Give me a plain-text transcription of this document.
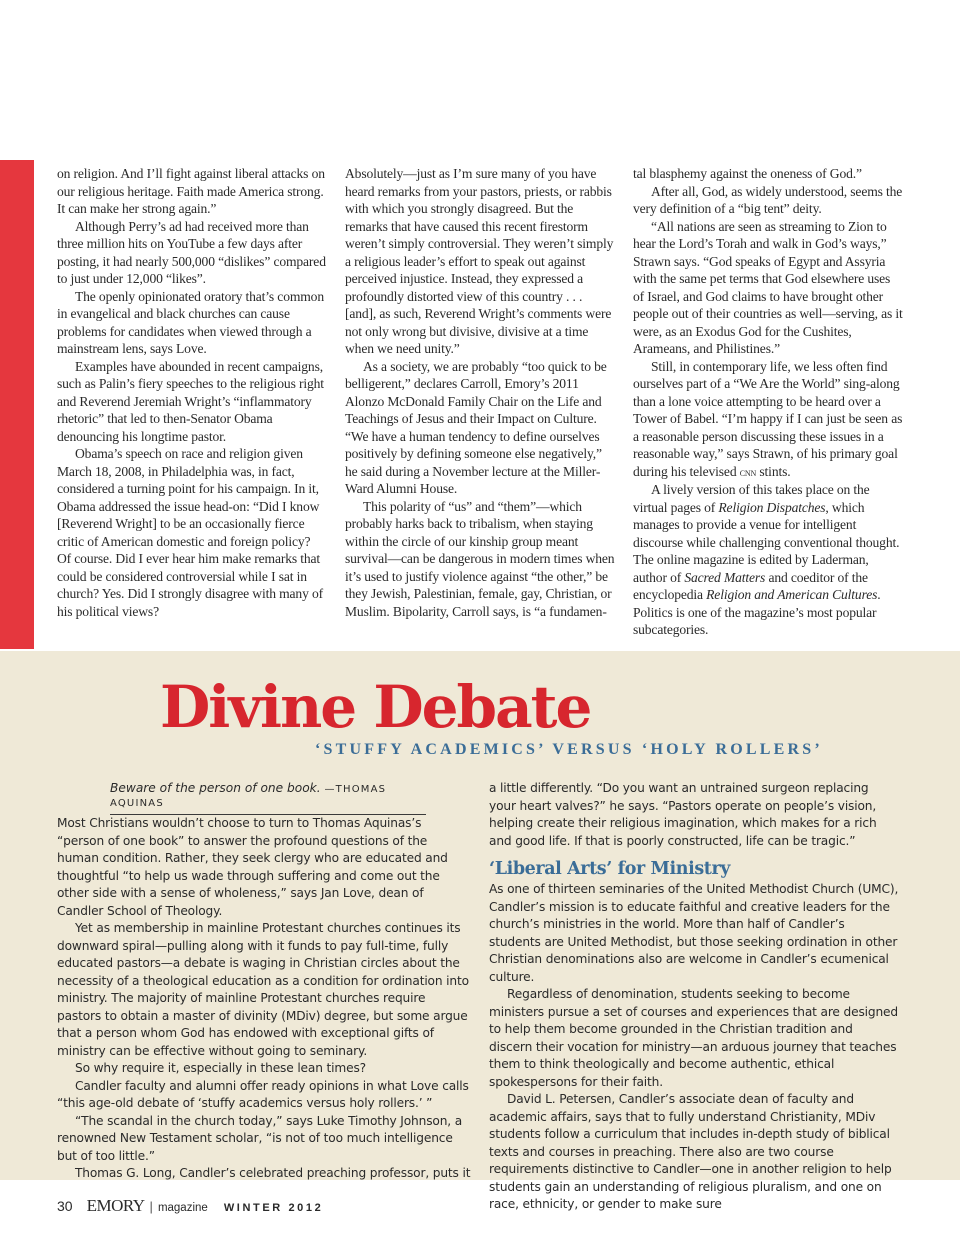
on religion. And I’ll fight against liberal attacks on our religious heritage. Faith made America strong. It can make her strong again.”

Although Perry’s ad had received more than three million hits on YouTube a few days after posting, it had nearly 500,000 “dislikes” compared to just under 12,000 “likes”.

The openly opinionated oratory that’s common in evangelical and black churches can cause problems for candidates when viewed through a mainstream lens, says Love.

Examples have abounded in recent campaigns, such as Palin’s fiery speeches to the religious right and Reverend Jeremiah Wright’s “inflammatory rhetoric” that led to then-Senator Obama denouncing his longtime pastor.

Obama’s speech on race and religion given March 18, 2008, in Philadelphia was, in fact, considered a turning point for his campaign. In it, Obama addressed the issue head-on: “Did I know [Reverend Wright] to be an occasionally fierce critic of American domestic and foreign policy? Of course. Did I ever hear him make remarks that could be considered controversial while I sat in church? Yes. Did I strongly disagree with many of his political views?

Absolutely—just as I’m sure many of you have heard remarks from your pastors, priests, or rabbis with which you strongly disagreed. But the remarks that have caused this recent firestorm weren’t simply controversial. They weren’t simply a religious leader’s effort to speak out against perceived injustice. Instead, they expressed a profoundly distorted view of this country . . . [and], as such, Reverend Wright’s comments were not only wrong but divisive, divisive at a time when we need unity.”

As a society, we are probably “too quick to be belligerent,” declares Carroll, Emory’s 2011 Alonzo McDonald Family Chair on the Life and Teachings of Jesus and their Impact on Culture. “We have a human tendency to define ourselves positively by defining someone else negatively,” he said during a November lecture at the Miller-Ward Alumni House.

This polarity of “us” and “them”—which probably harks back to tribalism, when staying within the circle of our kinship group meant survival—can be dangerous in modern times when it’s used to justify violence against “the other,” be they Jewish, Palestinian, female, gay, Christian, or Muslim. Bipolarity, Carroll says, is “a fundamen-

tal blasphemy against the oneness of God.”

After all, God, as widely understood, seems the very definition of a “big tent” deity.

“All nations are seen as streaming to Zion to hear the Lord’s Torah and walk in God’s ways,” Strawn says. “God speaks of Egypt and Assyria with the same pet terms that God elsewhere uses of Israel, and God claims to have brought other people out of their countries as well—serving, as it were, as an Exodus God for the Cushites, Arameans, and Philistines.”

Still, in contemporary life, we less often find ourselves part of a “We Are the World” sing-along than a lone voice attempting to be heard over a Tower of Babel. “I’m happy if I can just be seen as a reasonable person discussing these issues in a reasonable way,” says Strawn, of his primary goal during his televised cnn stints.

A lively version of this takes place on the virtual pages of Religion Dispatches, which manages to provide a venue for intelligent discourse while challenging conventional thought. The online magazine is edited by Laderman, author of Sacred Matters and coeditor of the encyclopedia Religion and American Cultures. Politics is one of the magazine’s most popular subcategories.

Divine Debate
‘STUFFY ACADEMICS’ VERSUS ‘HOLY ROLLERS’
Beware of the person of one book. —THOMAS AQUINAS

Most Christians wouldn’t choose to turn to Thomas Aquinas’s “person of one book” to answer the profound questions of the human condition. Rather, they seek clergy who are educated and thoughtful “to help us wade through suffering and come out the other side with a sense of wholeness,” says Jan Love, dean of Candler School of Theology.

Yet as membership in mainline Protestant churches continues its downward spiral—pulling along with it funds to pay full-time, fully educated pastors—a debate is waging in Christian circles about the necessity of a theological education as a condition for ordination into ministry. The majority of mainline Protestant churches require pastors to obtain a master of divinity (MDiv) degree, but some argue that a person whom God has endowed with exceptional gifts of ministry can be effective without going to seminary.

So why require it, especially in these lean times?

Candler faculty and alumni offer ready opinions in what Love calls “this age-old debate of ‘stuffy academics versus holy rollers.’ ”

“The scandal in the church today,” says Luke Timothy Johnson, a renowned New Testament scholar, “is not of too much intelligence but of too little.”

Thomas G. Long, Candler’s celebrated preaching professor, puts it

a little differently. “Do you want an untrained surgeon replacing your heart valves?” he says. “Pastors operate on people’s vision, helping create their religious imagination, which makes for a rich and good life. If that is poorly constructed, life can be tragic.”

‘Liberal Arts’ for Ministry

As one of thirteen seminaries of the United Methodist Church (UMC), Candler’s mission is to educate faithful and creative leaders for the church’s ministries in the world. More than half of Candler’s students are United Methodist, but those seeking ordination in other Christian denominations also are welcome in Candler’s ecumenical culture.

Regardless of denomination, students seeking to become ministers pursue a set of courses and experiences that are designed to help them become grounded in the Christian tradition and discern their vocation for ministry—an arduous journey that teaches them to think theologically and become authentic, ethical spokespersons for their faith.

David L. Petersen, Candler’s associate dean of faculty and academic affairs, says that to fully understand Christianity, MDiv students follow a curriculum that includes in-depth study of biblical texts and courses in preaching. There also are two course requirements distinctive to Candler—one in another religion to help students gain an understanding of religious pluralism, and one on race, ethnicity, or gender to make sure

30 EMORY | magazine WINTER 2012
